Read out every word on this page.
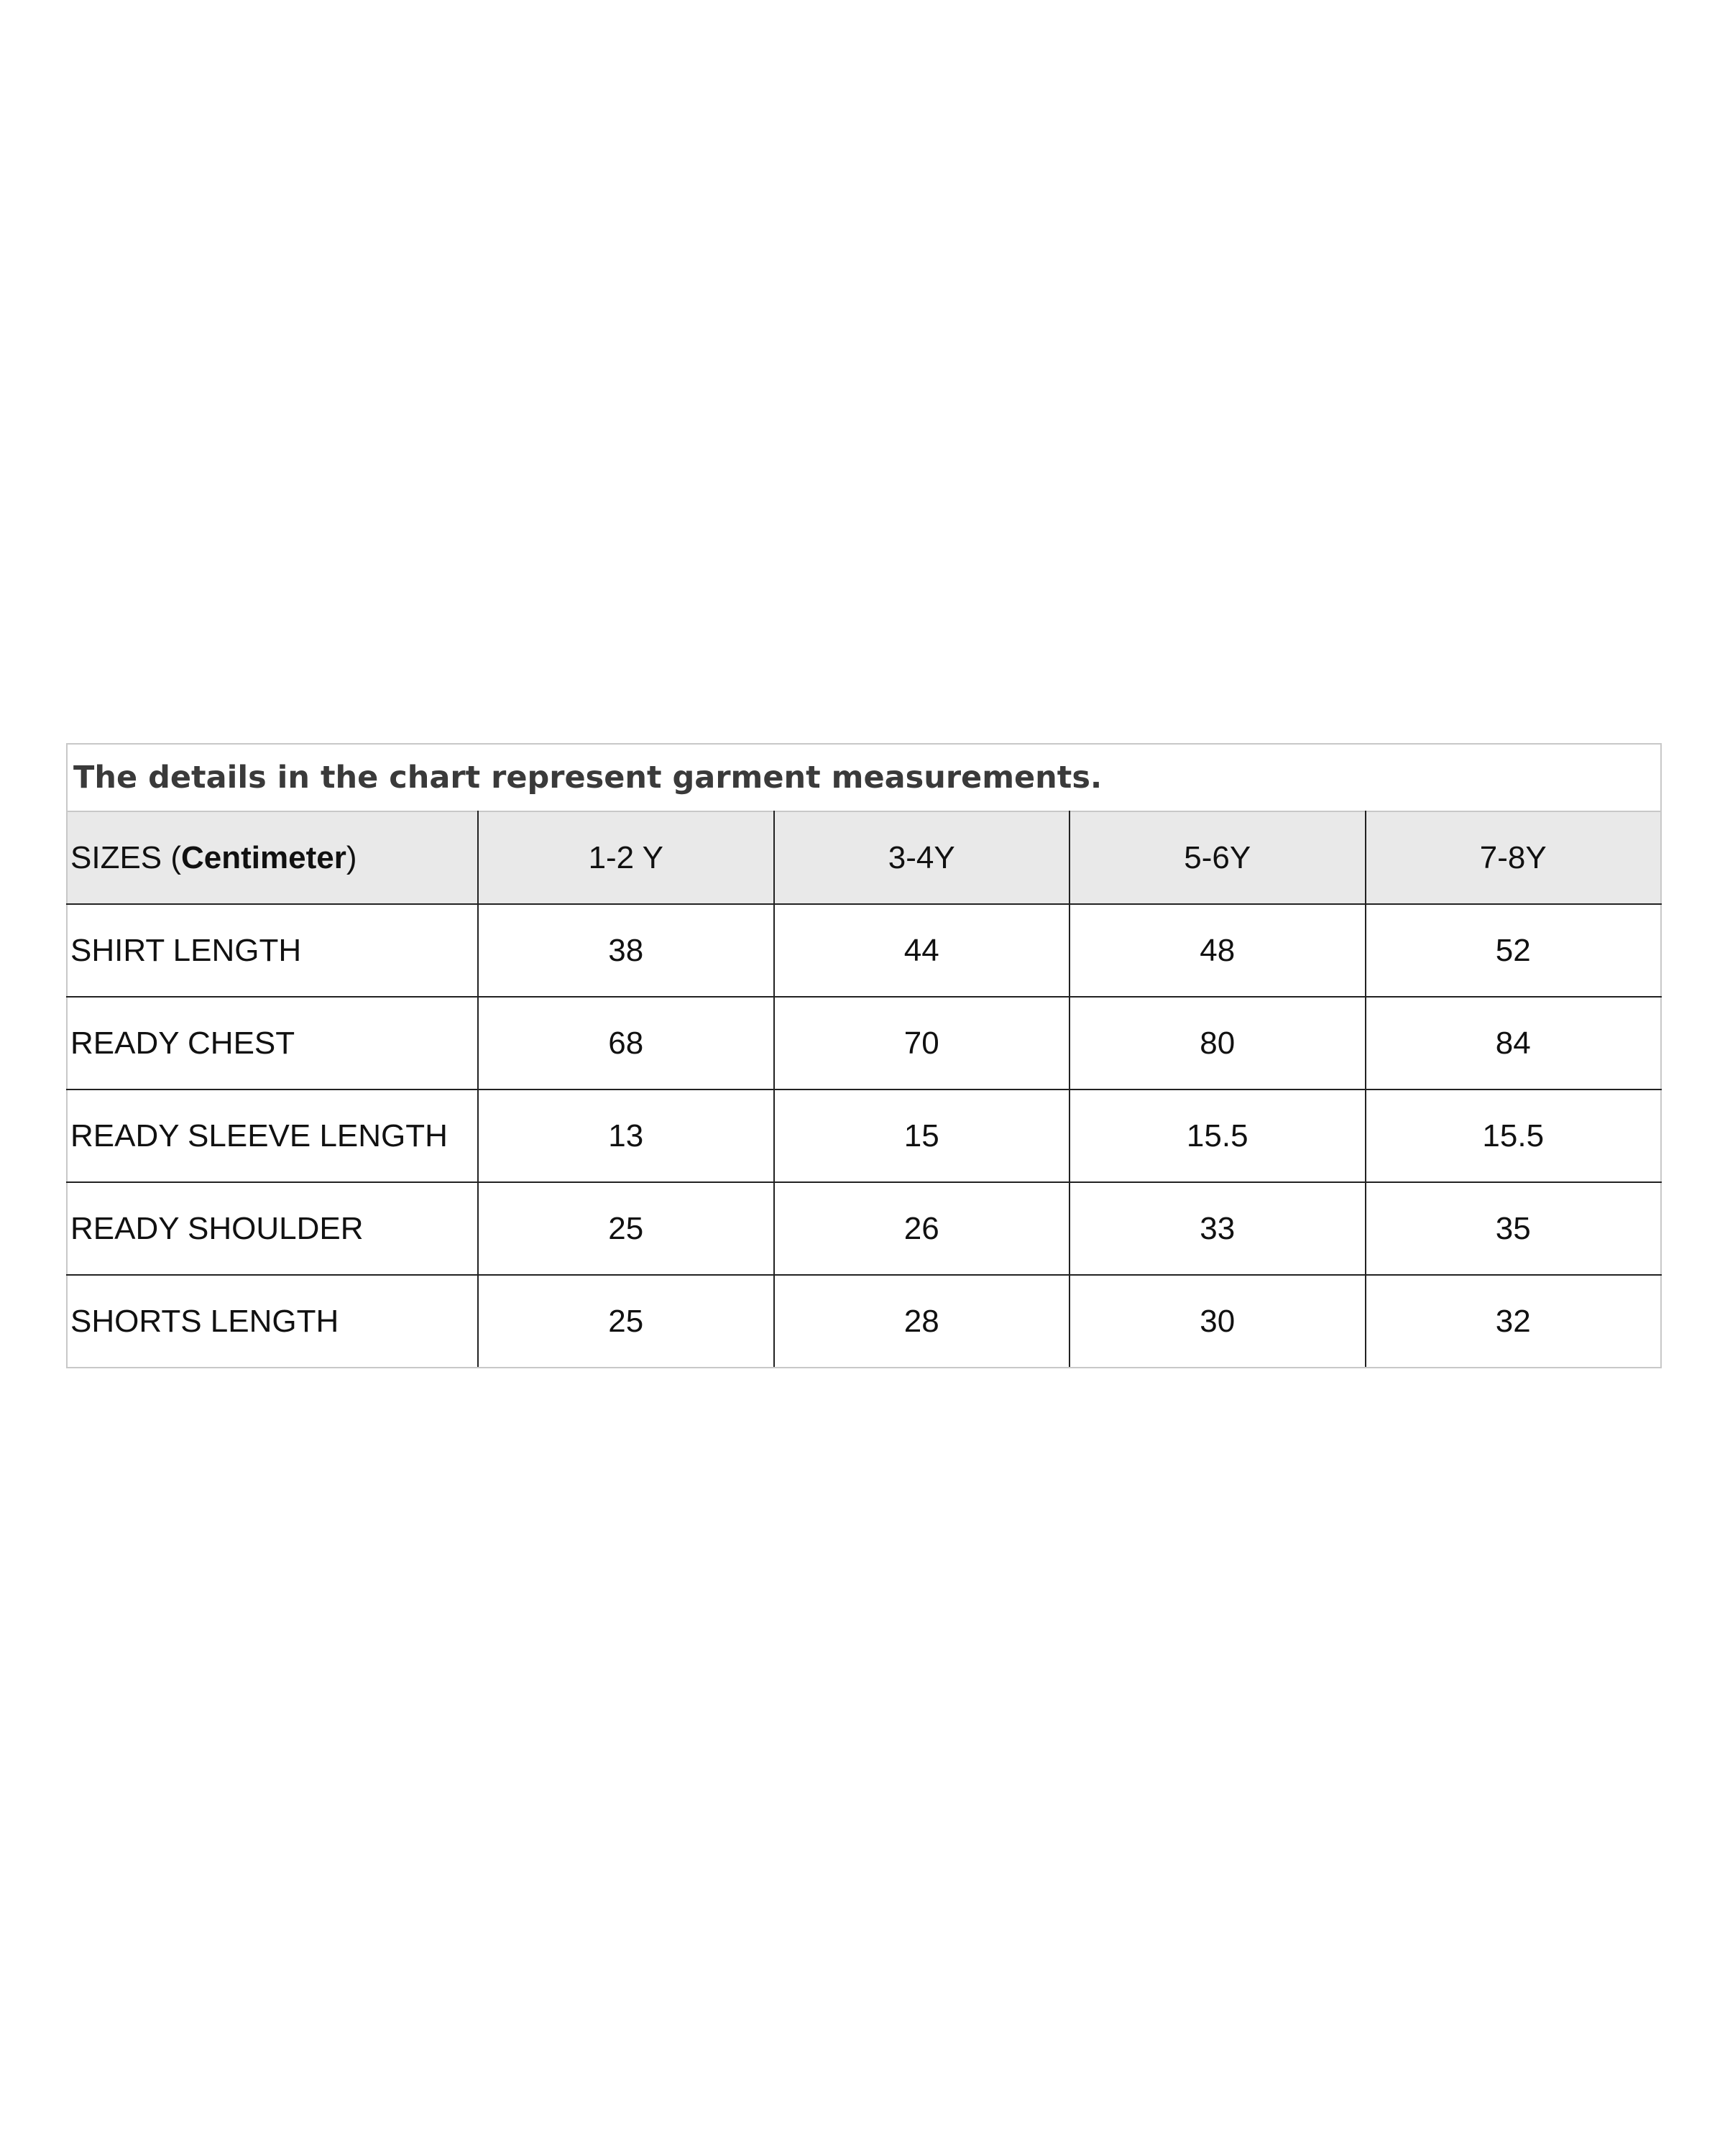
The details in the chart represent garment measurements.
SIZES (Centimeter)	1-2 Y	3-4Y	5-6Y	7-8Y
SHIRT LENGTH	38	44	48	52
READY CHEST	68	70	80	84
READY SLEEVE LENGTH	13	15	15.5	15.5
READY SHOULDER	25	26	33	35
SHORTS LENGTH	25	28	30	32
